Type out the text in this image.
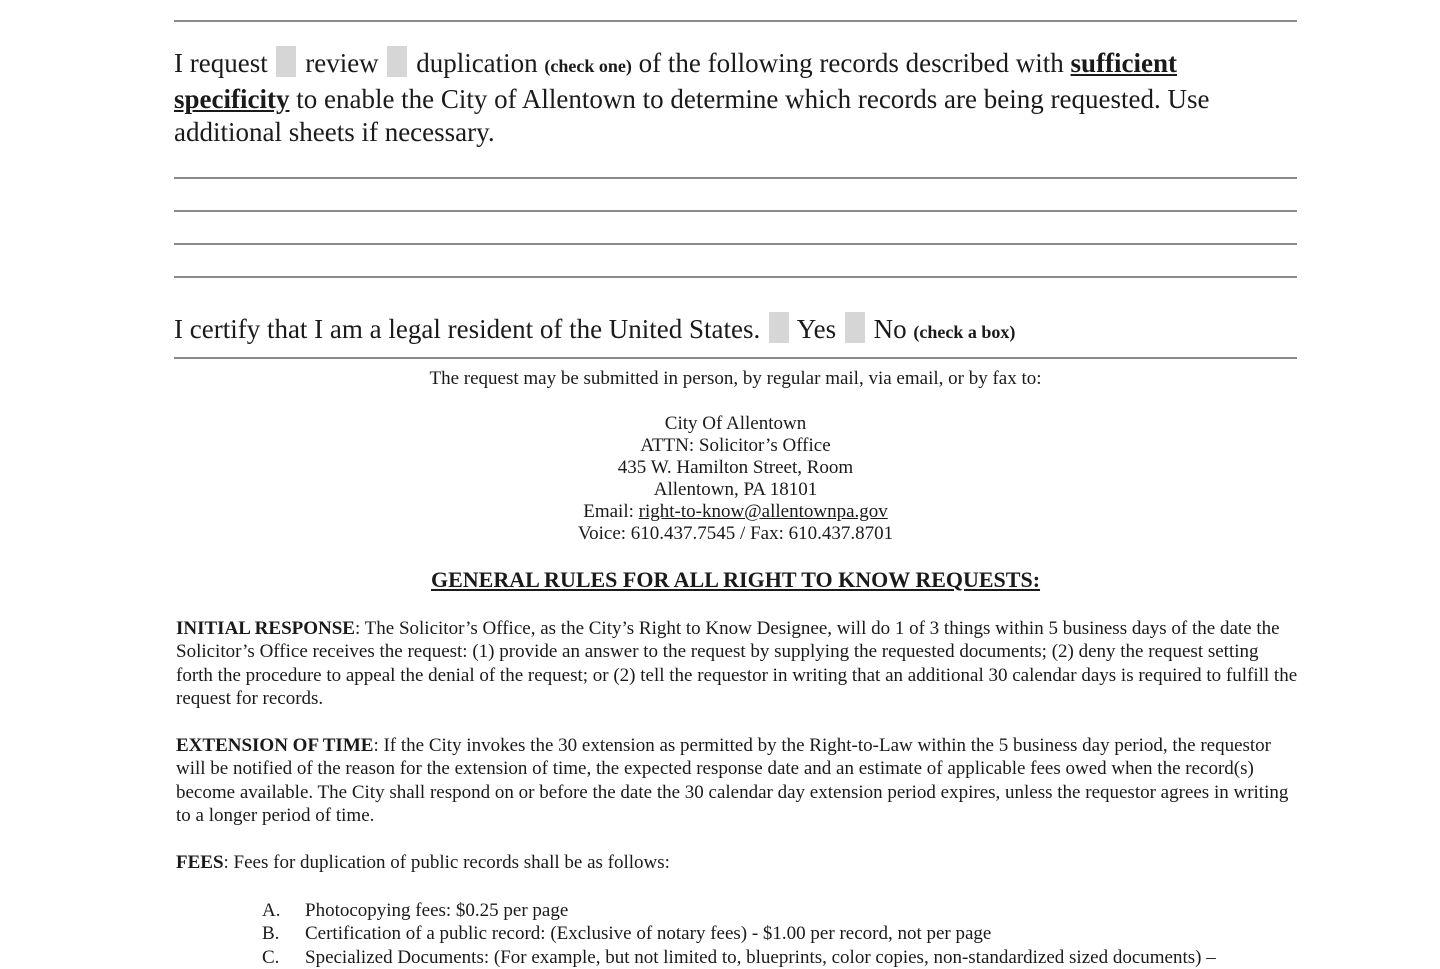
I request review duplication (check one) of the following records described with sufficient specificity to enable the City of Allentown to determine which records are being requested. Use additional sheets if necessary.
I certify that I am a legal resident of the United States. Yes No (check a box)
The request may be submitted in person, by regular mail, via email, or by fax to:
City Of Allentown
ATTN: Solicitor’s Office
435 W. Hamilton Street, Room
Allentown, PA 18101
Email: right-to-know@allentownpa.gov
Voice: 610.437.7545 / Fax: 610.437.8701
GENERAL RULES FOR ALL RIGHT TO KNOW REQUESTS:
INITIAL RESPONSE: The Solicitor’s Office, as the City’s Right to Know Designee, will do 1 of 3 things within 5 business days of the date the Solicitor’s Office receives the request: (1) provide an answer to the request by supplying the requested documents; (2) deny the request setting forth the procedure to appeal the denial of the request; or (2) tell the requestor in writing that an additional 30 calendar days is required to fulfill the request for records.
EXTENSION OF TIME: If the City invokes the 30 extension as permitted by the Right-to-Law within the 5 business day period, the requestor will be notified of the reason for the extension of time, the expected response date and an estimate of applicable fees owed when the record(s) become available. The City shall respond on or before the date the 30 calendar day extension period expires, unless the requestor agrees in writing to a longer period of time.
FEES: Fees for duplication of public records shall be as follows:
A.	Photocopying fees: $0.25 per page
B.	Certification of a public record: (Exclusive of notary fees) - $1.00 per record, not per page
C.	Specialized Documents: (For example, but not limited to, blueprints, color copies, non-standardized sized documents) –
